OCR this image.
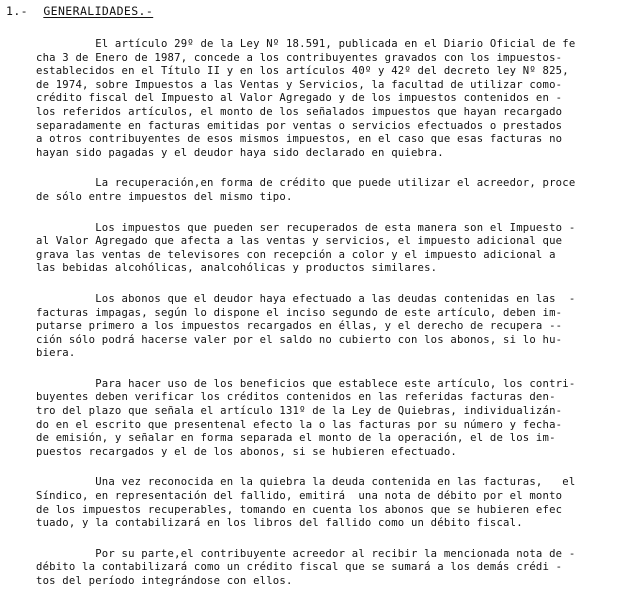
1.- GENERALIDADES.-
El artículo 29º de la Ley Nº 18.591, publicada en el Diario Oficial de fe
cha 3 de Enero de 1987, concede a los contribuyentes gravados con los impuestos-
establecidos en el Título II y en los artículos 40º y 42º del decreto ley Nº 825,
de 1974, sobre Impuestos a las Ventas y Servicios, la facultad de utilizar como-
crédito fiscal del Impuesto al Valor Agregado y de los impuestos contenidos en -
los referidos artículos, el monto de los señalados impuestos que hayan recargado
separadamente en facturas emitidas por ventas o servicios efectuados o prestados
a otros contribuyentes de esos mismos impuestos, en el caso que esas facturas no
hayan sido pagadas y el deudor haya sido declarado en quiebra.
La recuperación,en forma de crédito que puede utilizar el acreedor, proce
de sólo entre impuestos del mismo tipo.
Los impuestos que pueden ser recuperados de esta manera son el Impuesto -
al Valor Agregado que afecta a las ventas y servicios, el impuesto adicional que
grava las ventas de televisores con recepción a color y el impuesto adicional a
las bebidas alcohólicas, analcohólicas y productos similares.
Los abonos que el deudor haya efectuado a las deudas contenidas en las  -
facturas impagas, según lo dispone el inciso segundo de este artículo, deben im-
putarse primero a los impuestos recargados en éllas, y el derecho de recupera --
ción sólo podrá hacerse valer por el saldo no cubierto con los abonos, si lo hu-
biera.
Para hacer uso de los beneficios que establece este artículo, los contri-
buyentes deben verificar los créditos contenidos en las referidas facturas den-
tro del plazo que señala el artículo 131º de la Ley de Quiebras, individualizán-
do en el escrito que presentenal efecto la o las facturas por su número y fecha-
de emisión, y señalar en forma separada el monto de la operación, el de los im-
puestos recargados y el de los abonos, si se hubieren efectuado.
Una vez reconocida en la quiebra la deuda contenida en las facturas,   el
Síndico, en representación del fallido, emitirá  una nota de débito por el monto
de los impuestos recuperables, tomando en cuenta los abonos que se hubieren efec
tuado, y la contabilizará en los libros del fallido como un débito fiscal.
Por su parte,el contribuyente acreedor al recibir la mencionada nota de -
débito la contabilizará como un crédito fiscal que se sumará a los demás crédi -
tos del período integrándose con ellos.
